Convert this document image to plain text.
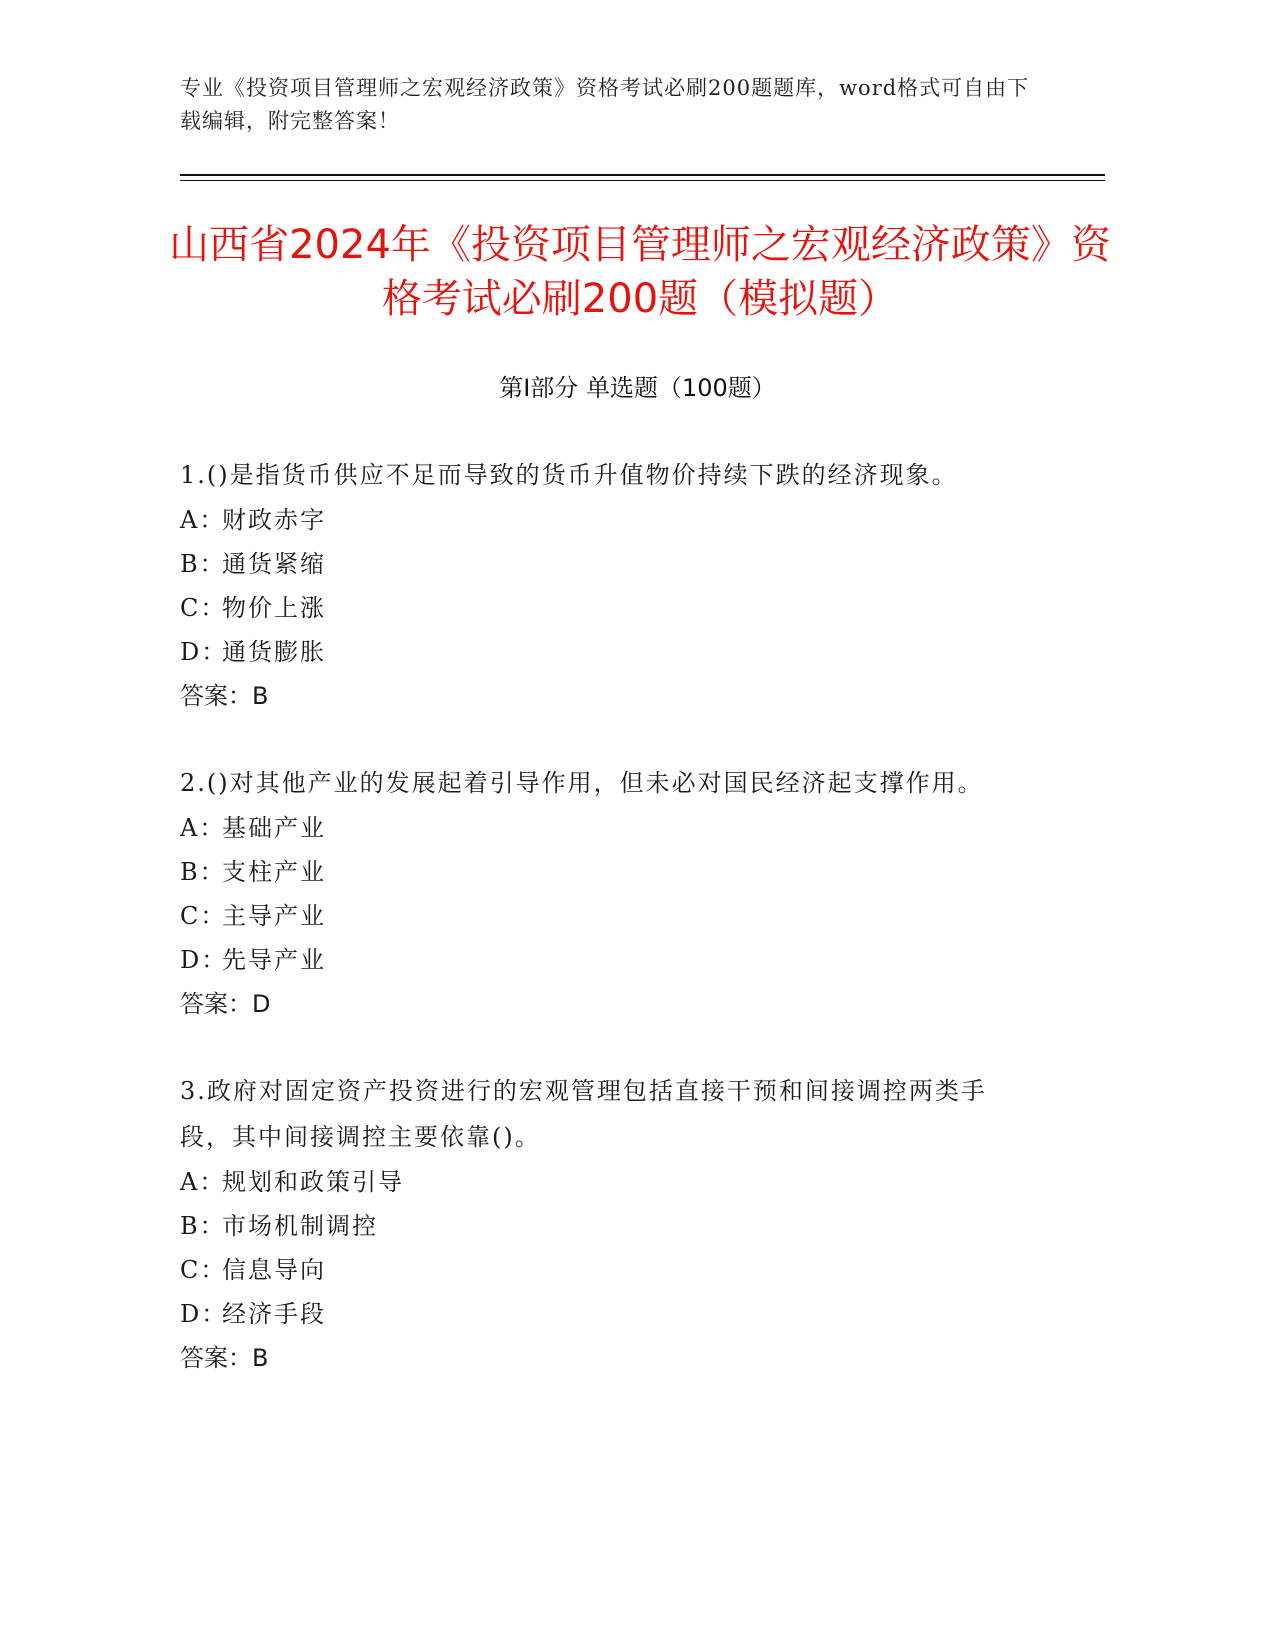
专业《投资项目管理师之宏观经济政策》资格考试必刷200题题库，word格式可自由下载编辑，附完整答案！
山西省2024年《投资项目管理师之宏观经济政策》资格考试必刷200题（模拟题）
第Ⅰ部分 单选题（100题）

1.()是指货币供应不足而导致的货币升值物价持续下跌的经济现象。

A：财政赤字

B：通货紧缩

C：物价上涨

D：通货膨胀

答案：B

2.()对其他产业的发展起着引导作用，但未必对国民经济起支撑作用。

A：基础产业

B：支柱产业

C：主导产业

D：先导产业

答案：D

3.政府对固定资产投资进行的宏观管理包括直接干预和间接调控两类手段，其中间接调控主要依靠()。

A：规划和政策引导

B：市场机制调控

C：信息导向

D：经济手段

答案：B
